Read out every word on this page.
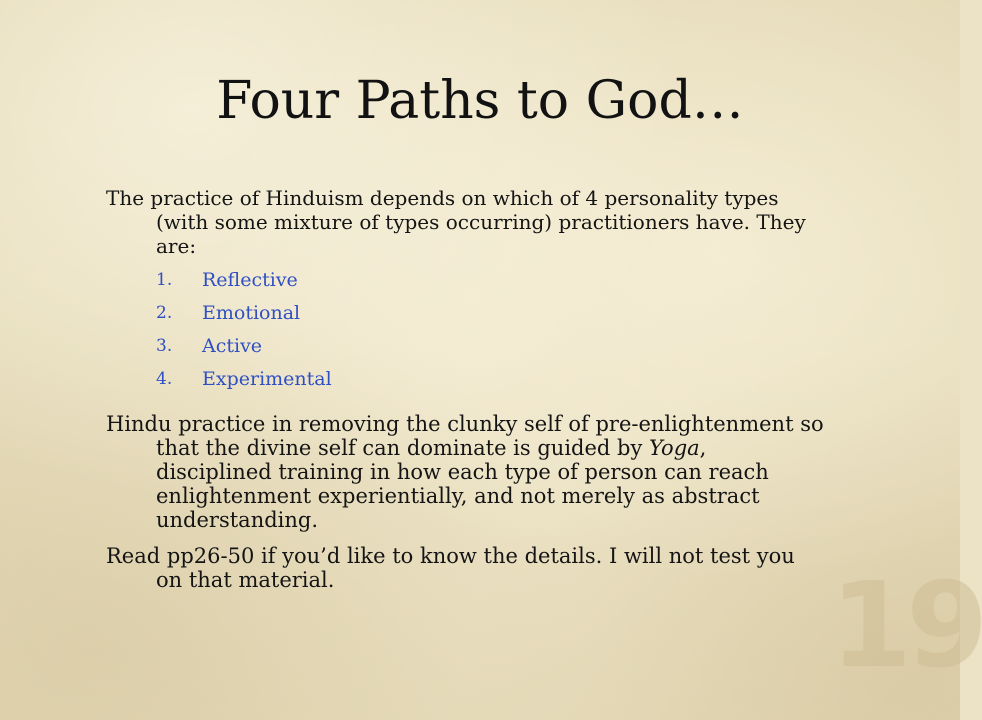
Four Paths to God…

The practice of Hinduism depends on which of 4 personality types (with some mixture of types occurring) practitioners have. They are:

1.	Reflective
2.	Emotional
3.	Active
4.	Experimental

Hindu practice in removing the clunky self of pre-enlightenment so that the divine self can dominate is guided by Yoga, disciplined training in how each type of person can reach enlightenment experientially, and not merely as abstract understanding.

Read pp26-50 if you’d like to know the details. I will not test you on that material.	19
